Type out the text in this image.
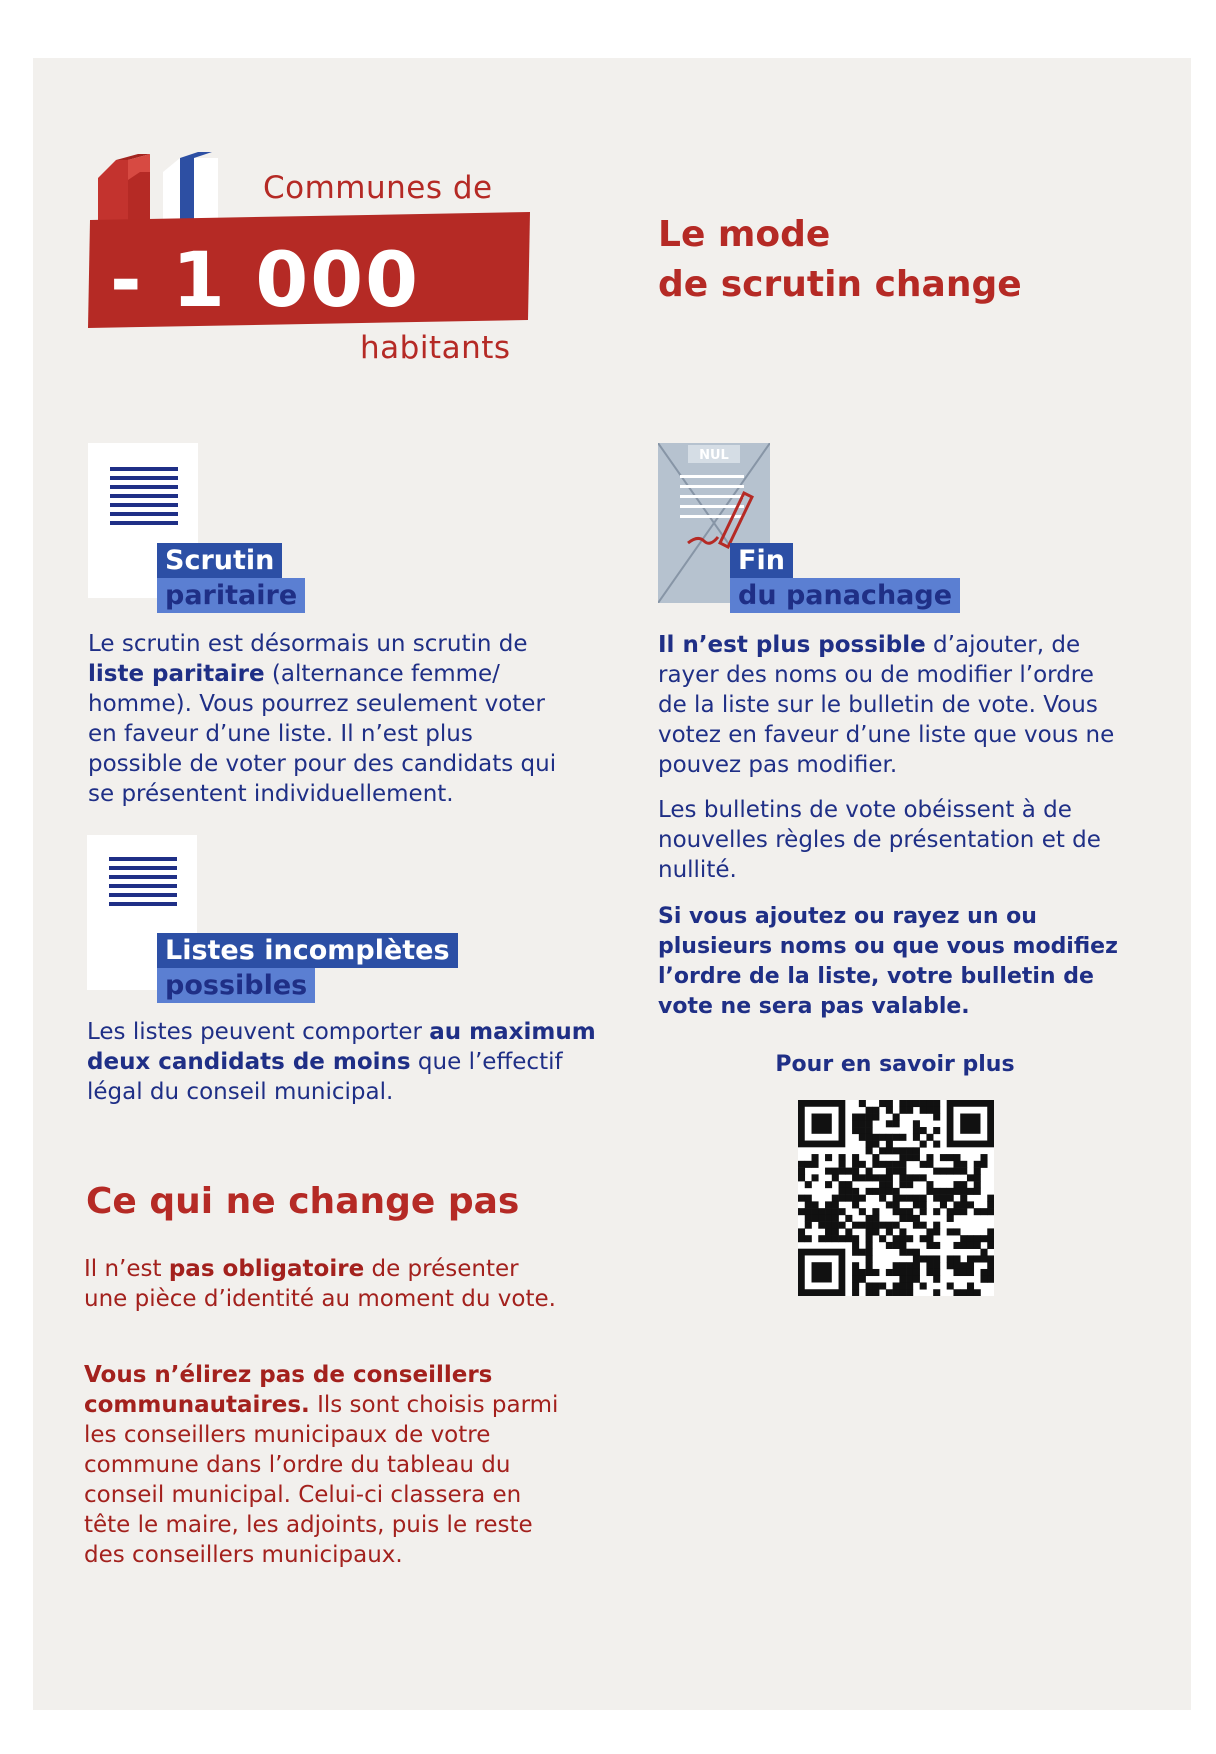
Communes de
- 1 000
habitants
Le mode
de scrutin change
Scrutin
paritaire

Le scrutin est désormais un scrutin de liste paritaire (alternance femme/ homme). Vous pourrez seulement voter en faveur d’une liste. Il n’est plus possible de voter pour des candidats qui se présentent individuellement.

Listes incomplètes
possibles

Les listes peuvent comporter au maximum deux candidats de moins que l’effectif légal du conseil municipal.

Ce qui ne change pas

Il n’est pas obligatoire de présenter une pièce d’identité au moment du vote.

Vous n’élirez pas de conseillers communautaires. Ils sont choisis parmi les conseillers municipaux de votre commune dans l’ordre du tableau du conseil municipal. Celui-ci classera en tête le maire, les adjoints, puis le reste des conseillers municipaux.

NUL
Fin
du panachage

Il n’est plus possible d’ajouter, de rayer des noms ou de modifier l’ordre de la liste sur le bulletin de vote. Vous votez en faveur d’une liste que vous ne pouvez pas modifier.

Les bulletins de vote obéissent à de nouvelles règles de présentation et de nullité.

Si vous ajoutez ou rayez un ou plusieurs noms ou que vous modifiez l’ordre de la liste, votre bulletin de vote ne sera pas valable.

Pour en savoir plus
